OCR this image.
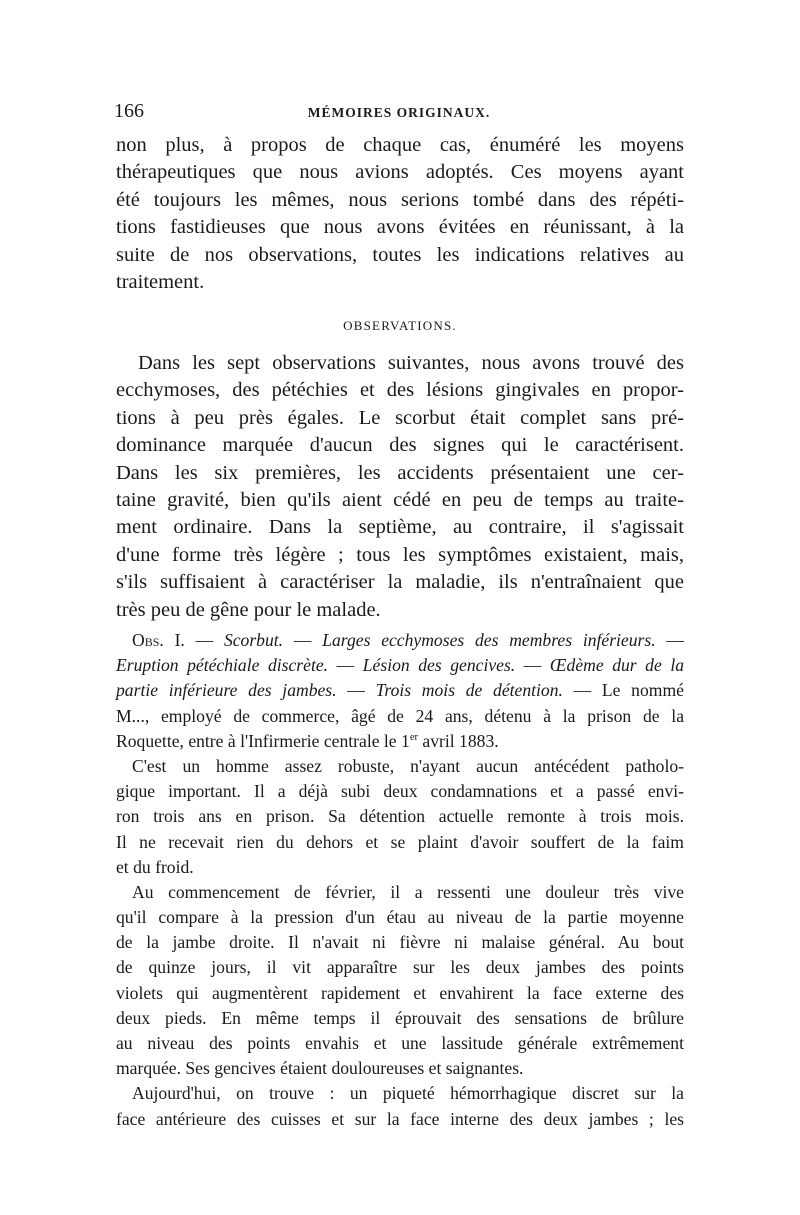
166	MÉMOIRES ORIGINAUX.
non plus, à propos de chaque cas, énuméré les moyens
thérapeutiques que nous avions adoptés. Ces moyens ayant
été toujours les mêmes, nous serions tombé dans des répéti-
tions fastidieuses que nous avons évitées en réunissant, à la
suite de nos observations, toutes les indications relatives au
traitement.
OBSERVATIONS.
Dans les sept observations suivantes, nous avons trouvé des
ecchymoses, des pétéchies et des lésions gingivales en propor-
tions à peu près égales. Le scorbut était complet sans pré-
dominance marquée d'aucun des signes qui le caractérisent.
Dans les six premières, les accidents présentaient une cer-
taine gravité, bien qu'ils aient cédé en peu de temps au traite-
ment ordinaire. Dans la septième, au contraire, il s'agissait
d'une forme très légère ; tous les symptômes existaient, mais,
s'ils suffisaient à caractériser la maladie, ils n'entraînaient que
très peu de gêne pour le malade.
Obs. I. — Scorbut. — Larges ecchymoses des membres inférieurs. —
Eruption pétéchiale discrète. — Lésion des gencives. — Œdème dur de la
partie inférieure des jambes. — Trois mois de détention. — Le nommé
M..., employé de commerce, âgé de 24 ans, détenu à la prison de la
Roquette, entre à l'Infirmerie centrale le 1er avril 1883.
C'est un homme assez robuste, n'ayant aucun antécédent patholo-
gique important. Il a déjà subi deux condamnations et a passé envi-
ron trois ans en prison. Sa détention actuelle remonte à trois mois.
Il ne recevait rien du dehors et se plaint d'avoir souffert de la faim
et du froid.
Au commencement de février, il a ressenti une douleur très vive
qu'il compare à la pression d'un étau au niveau de la partie moyenne
de la jambe droite. Il n'avait ni fièvre ni malaise général. Au bout
de quinze jours, il vit apparaître sur les deux jambes des points
violets qui augmentèrent rapidement et envahirent la face externe des
deux pieds. En même temps il éprouvait des sensations de brûlure
au niveau des points envahis et une lassitude générale extrêmement
marquée. Ses gencives étaient douloureuses et saignantes.
Aujourd'hui, on trouve : un piqueté hémorrhagique discret sur la
face antérieure des cuisses et sur la face interne des deux jambes ; les
